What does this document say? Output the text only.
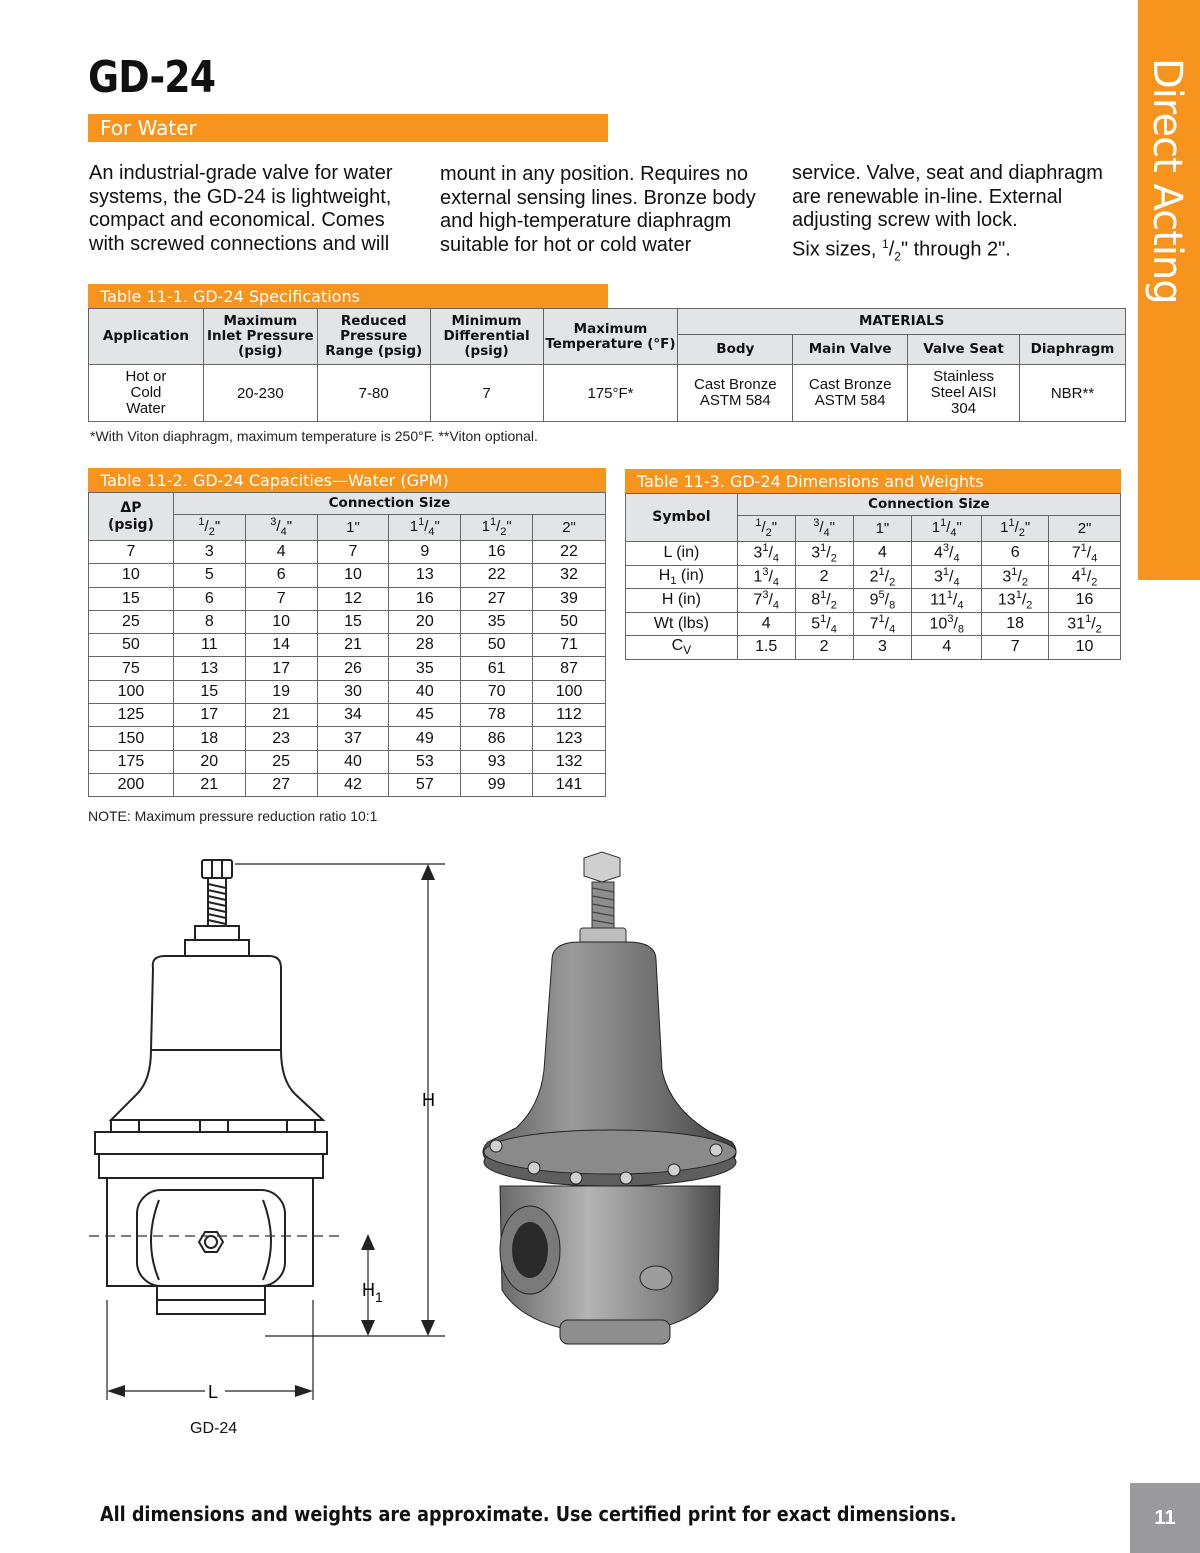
Direct Acting
GD-24
For Water
An industrial-grade valve for water
systems, the GD-24 is lightweight,
compact and economical. Comes
with screwed connections and will
mount in any position. Requires no
external sensing lines. Bronze body
and high-temperature diaphragm
suitable for hot or cold water
service. Valve, seat and diaphragm
are renewable in-line. External
adjusting screw with lock.
Six sizes, $^1/_2$" through 2".
Table 11-1. GD-24 Specifications
Application	Maximum Inlet Pressure (psig)	Reduced Pressure Range (psig)	Minimum Differential (psig)	Maximum Temperature (°F)	MATERIALS			
					Body	Main Valve	Valve Seat	Diaphragm
Hot or Cold Water	20-230	7-80	7	175°F*	Cast Bronze ASTM 584	Cast Bronze ASTM 584	Stainless Steel AISI 304	NBR**
*With Viton diaphragm, maximum temperature is 250°F. **Viton optional.
Table 11-2. GD-24 Capacities—Water (GPM)
ΔP
(psig)	Connection Size					
	$^1/_2$"	$^3/_4$"	1"	$1^1/_4$"	$1^1/_2$"	2"
7	3	4	7	9	16	22
10	5	6	10	13	22	32
15	6	7	12	16	27	39
25	8	10	15	20	35	50
50	11	14	21	28	50	71
75	13	17	26	35	61	87
100	15	19	30	40	70	100
125	17	21	34	45	78	112
150	18	23	37	49	86	123
175	20	25	40	53	93	132
200	21	27	42	57	99	141
NOTE: Maximum pressure reduction ratio 10:1
Table 11-3. GD-24 Dimensions and Weights
Symbol	Connection Size					
	$^1/_2$"	$^3/_4$"	1"	$1^1/_4$"	$1^1/_2$"	2"
L (in)	$3^1/_4$	$3^1/_2$	4	$4^3/_4$	6	$7^1/_4$
$H_1$ (in)	$1^3/_4$	2	$2^1/_2$	$3^1/_4$	$3^1/_2$	$4^1/_2$
H (in)	$7^3/_4$	$8^1/_2$	$9^5/_8$	$11^1/_4$	$13^1/_2$	16
Wt (lbs)	4	$5^1/_4$	$7^1/_4$	$10^3/_8$	18	$31^1/_2$
$C_V$	1.5	2	3	4	7	10
H
$H_1$
L
GD-24
All dimensions and weights are approximate. Use certified print for exact dimensions.	11
